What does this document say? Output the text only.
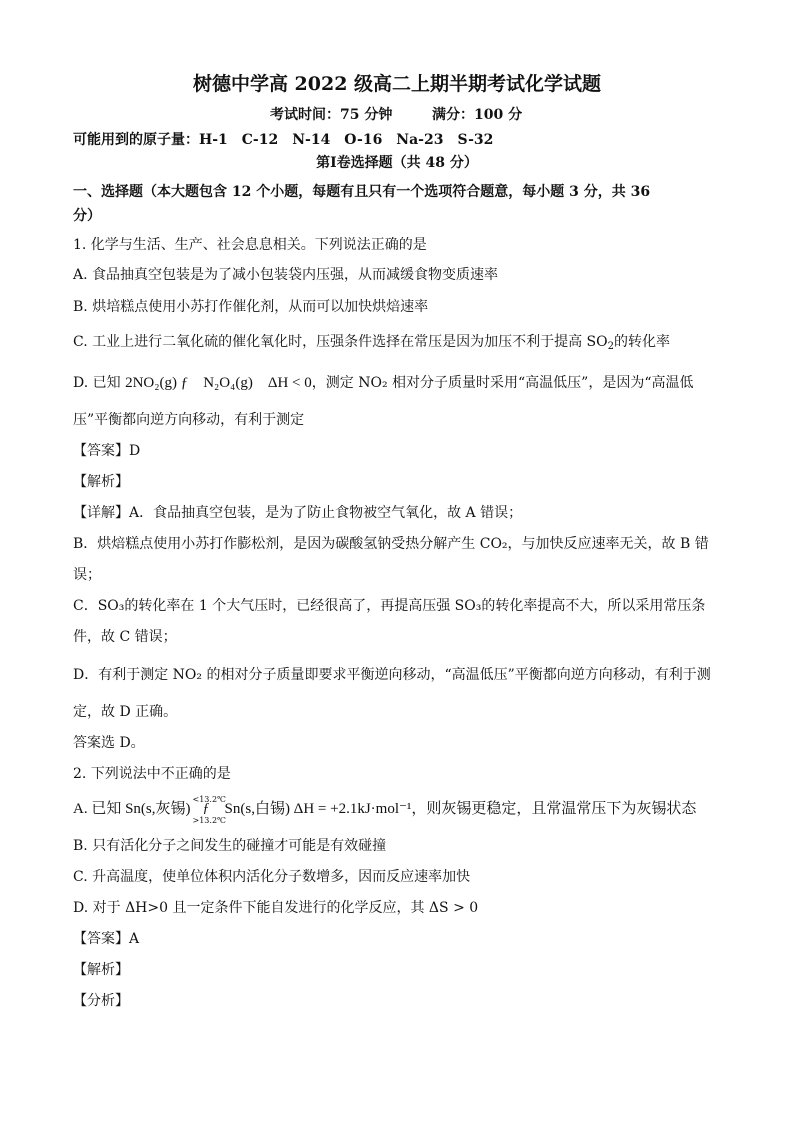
树德中学高 2022 级高二上期半期考试化学试题
考试时间：75 分钟	满分：100 分
可能用到的原子量：H-1　C-12　N-14　O-16　Na-23　S-32
第Ⅰ卷选择题（共 48 分）
一、选择题（本大题包含 12 个小题，每题有且只有一个选项符合题意，每小题 3 分，共 36
分）
1. 化学与生活、生产、社会息息相关。下列说法正确的是
A. 食品抽真空包装是为了减小包装袋内压强，从而减缓食物变质速率
B. 烘培糕点使用小苏打作催化剂，从而可以加快烘焙速率
C. 工业上进行二氧化硫的催化氧化时，压强条件选择在常压是因为加压不利于提高 $SO_2$的转化率
D. 已知 2NO₂(g) ƒ　N₂O₄(g)　ΔH < 0，测定 NO₂ 相对分子质量时采用“高温低压”，是因为“高温低
压”平衡都向逆方向移动，有利于测定
【答案】D
【解析】
【详解】A．食品抽真空包装，是为了防止食物被空气氧化，故 A 错误；
B．烘焙糕点使用小苏打作膨松剂，是因为碳酸氢钠受热分解产生 CO₂，与加快反应速率无关，故 B 错
误；
C．SO₃的转化率在 1 个大气压时，已经很高了，再提高压强 SO₃的转化率提高不大，所以采用常压条
件，故 C 错误；
D．有利于测定 NO₂ 的相对分子质量即要求平衡逆向移动，“高温低压”平衡都向逆方向移动，有利于测
定，故 D 正确。
答案选 D。
2. 下列说法中不正确的是
A. 已知 Sn(s,灰锡)
<13.2℃
ƒ
>13.2℃
Sn(s,白锡) ΔH = +2.1kJ·mol⁻¹，则灰锡更稳定，且常温常压下为灰锡状态
B. 只有活化分子之间发生的碰撞才可能是有效碰撞
C. 升高温度，使单位体积内活化分子数增多，因而反应速率加快
D. 对于 ΔH>0 且一定条件下能自发进行的化学反应，其 ΔS > 0
【答案】A
【解析】
【分析】
